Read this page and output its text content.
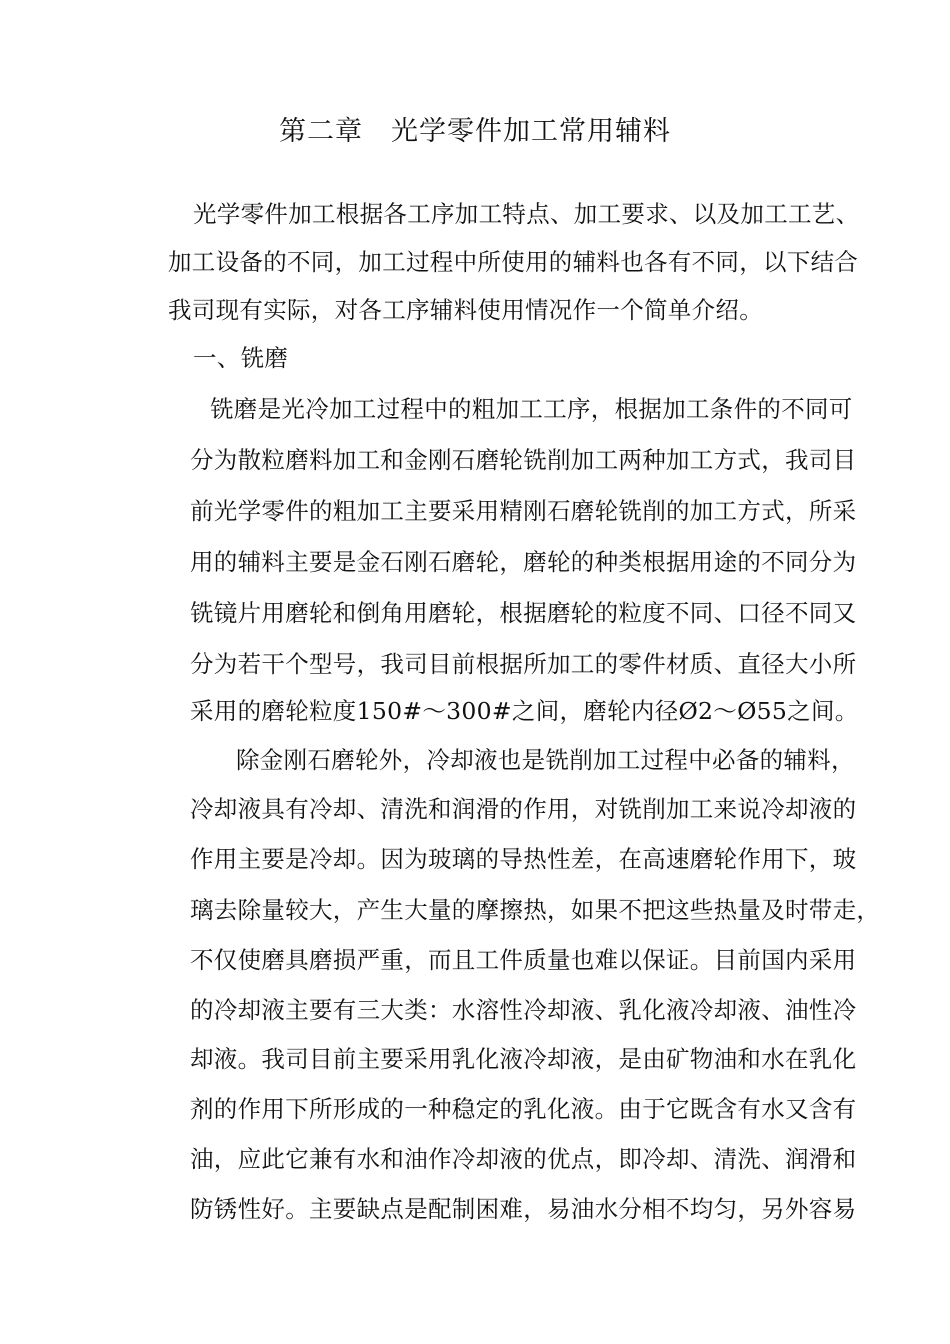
第二章　光学零件加工常用辅料
光学零件加工根据各工序加工特点、加工要求、以及加工工艺、
加工设备的不同，加工过程中所使用的辅料也各有不同，以下结合
我司现有实际，对各工序辅料使用情况作一个简单介绍。
一、铣磨
铣磨是光冷加工过程中的粗加工工序，根据加工条件的不同可
分为散粒磨料加工和金刚石磨轮铣削加工两种加工方式，我司目
前光学零件的粗加工主要采用精刚石磨轮铣削的加工方式，所采
用的辅料主要是金石刚石磨轮，磨轮的种类根据用途的不同分为
铣镜片用磨轮和倒角用磨轮，根据磨轮的粒度不同、口径不同又
分为若干个型号，我司目前根据所加工的零件材质、直径大小所
采用的磨轮粒度150#～300#之间，磨轮内径Ø2～Ø55之间。
除金刚石磨轮外，冷却液也是铣削加工过程中必备的辅料，
冷却液具有冷却、清洗和润滑的作用，对铣削加工来说冷却液的
作用主要是冷却。因为玻璃的导热性差，在高速磨轮作用下，玻
璃去除量较大，产生大量的摩擦热，如果不把这些热量及时带走，
不仅使磨具磨损严重，而且工件质量也难以保证。目前国内采用
的冷却液主要有三大类：水溶性冷却液、乳化液冷却液、油性冷
却液。我司目前主要采用乳化液冷却液，是由矿物油和水在乳化
剂的作用下所形成的一种稳定的乳化液。由于它既含有水又含有
油，应此它兼有水和油作冷却液的优点，即冷却、清洗、润滑和
防锈性好。主要缺点是配制困难，易油水分相不均匀，另外容易
